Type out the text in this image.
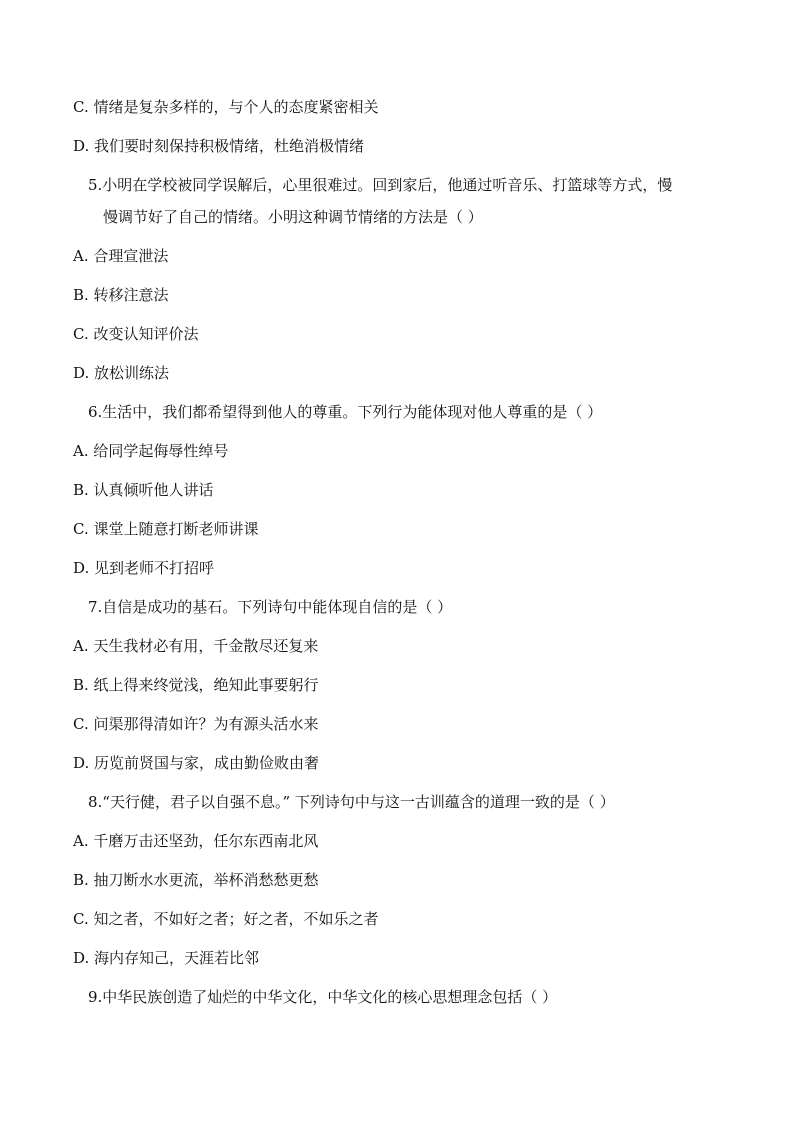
C. 情绪是复杂多样的，与个人的态度紧密相关
D. 我们要时刻保持积极情绪，杜绝消极情绪
5.小明在学校被同学误解后，心里很难过。回到家后，他通过听音乐、打篮球等方式，慢
慢调节好了自己的情绪。小明这种调节情绪的方法是（ ）
A. 合理宣泄法
B. 转移注意法
C. 改变认知评价法
D. 放松训练法
6.生活中，我们都希望得到他人的尊重。下列行为能体现对他人尊重的是（ ）
A. 给同学起侮辱性绰号
B. 认真倾听他人讲话
C. 课堂上随意打断老师讲课
D. 见到老师不打招呼
7.自信是成功的基石。下列诗句中能体现自信的是（ ）
A. 天生我材必有用，千金散尽还复来
B. 纸上得来终觉浅，绝知此事要躬行
C. 问渠那得清如许？为有源头活水来
D. 历览前贤国与家，成由勤俭败由奢
8.“天行健，君子以自强不息。” 下列诗句中与这一古训蕴含的道理一致的是（ ）
A. 千磨万击还坚劲，任尔东西南北风
B. 抽刀断水水更流，举杯消愁愁更愁
C. 知之者，不如好之者；好之者，不如乐之者
D. 海内存知己，天涯若比邻
9.中华民族创造了灿烂的中华文化，中华文化的核心思想理念包括（ ）
